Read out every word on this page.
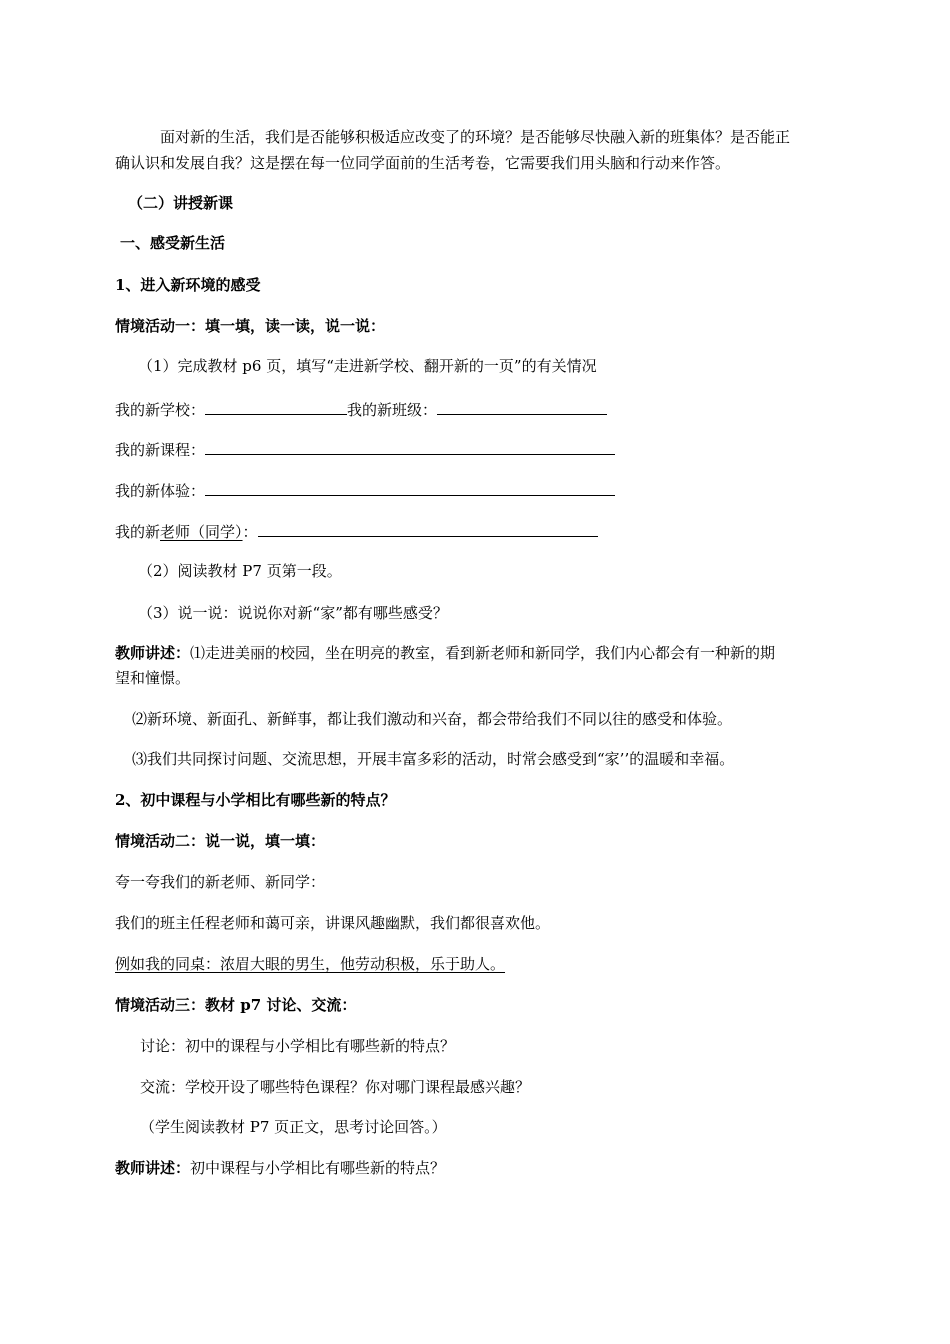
面对新的生活，我们是否能够积极适应改变了的环境？是否能够尽快融入新的班集体？是否能正
确认识和发展自我？这是摆在每一位同学面前的生活考卷，它需要我们用头脑和行动来作答。
（二）讲授新课
一、感受新生活
1、进入新环境的感受
情境活动一：填一填，读一读，说一说：
（1）完成教材 p6 页，填写“走进新学校、翻开新的一页”的有关情况
我的新学校：	我的新班级：
我的新课程：
我的新体验：
我的新老师（同学）：
（2）阅读教材 P7 页第一段。
（3）说一说：说说你对新“家”都有哪些感受？
教师讲述：⑴走进美丽的校园，坐在明亮的教室，看到新老师和新同学，我们内心都会有一种新的期
望和憧憬。
⑵新环境、新面孔、新鲜事，都让我们激动和兴奋，都会带给我们不同以往的感受和体验。
⑶我们共同探讨问题、交流思想，开展丰富多彩的活动，时常会感受到“家’’的温暖和幸福。
2、初中课程与小学相比有哪些新的特点？
情境活动二：说一说，填一填：
夸一夸我们的新老师、新同学：
我们的班主任程老师和蔼可亲，讲课风趣幽默，我们都很喜欢他。
例如我的同桌：浓眉大眼的男生，他劳动积极，乐于助人。
情境活动三：教材 p7 讨论、交流：
讨论：初中的课程与小学相比有哪些新的特点？
交流：学校开设了哪些特色课程？你对哪门课程最感兴趣？
（学生阅读教材 P7 页正文，思考讨论回答。）
教师讲述：初中课程与小学相比有哪些新的特点？
